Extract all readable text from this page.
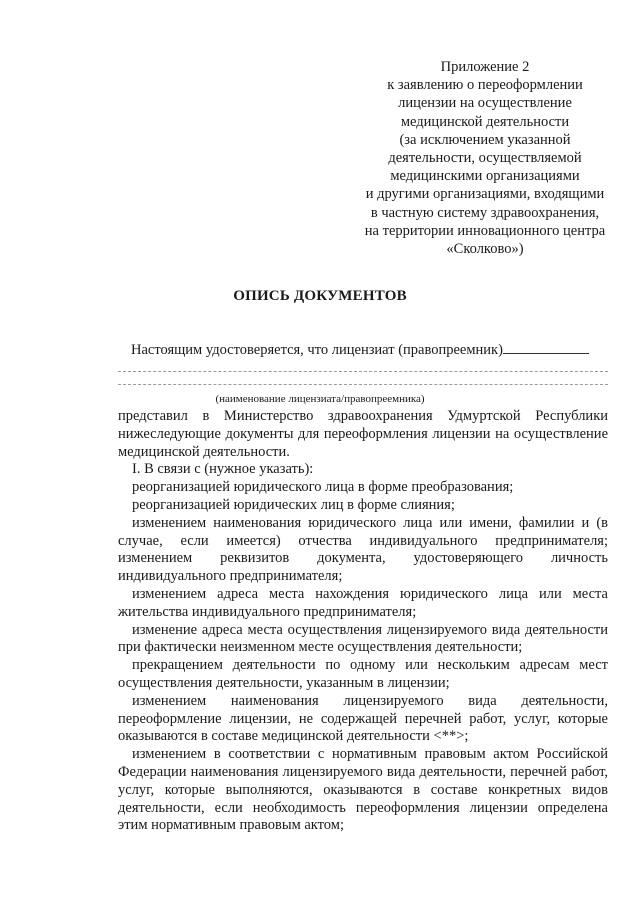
Приложение 2
к заявлению о переоформлении
лицензии на осуществление
медицинской деятельности
(за исключением указанной
деятельности, осуществляемой
медицинскими организациями
и другими организациями, входящими
в частную систему здравоохранения,
на территории инновационного центра
«Сколково»)
ОПИСЬ ДОКУМЕНТОВ
Настоящим удостоверяется, что лицензиат (правопреемник)
(наименование лицензиата/правопреемника)

представил в Министерство здравоохранения Удмуртской Республики нижеследующие документы для переоформления лицензии на осуществление медицинской деятельности.

I. В связи с (нужное указать):

реорганизацией юридического лица в форме преобразования;

реорганизацией юридических лиц в форме слияния;

изменением наименования юридического лица или имени, фамилии и (в случае, если имеется) отчества индивидуального предпринимателя; изменением реквизитов документа, удостоверяющего личность индивидуального предпринимателя;

изменением адреса места нахождения юридического лица или места жительства индивидуального предпринимателя;

изменение адреса места осуществления лицензируемого вида деятельности при фактически неизменном месте осуществления деятельности;

прекращением деятельности по одному или нескольким адресам мест осуществления деятельности, указанным в лицензии;

изменением наименования лицензируемого вида деятельности, переоформление лицензии, не содержащей перечней работ, услуг, которые оказываются в составе медицинской деятельности <**>;

изменением в соответствии с нормативным правовым актом Российской Федерации наименования лицензируемого вида деятельности, перечней работ, услуг, которые выполняются, оказываются в составе конкретных видов деятельности, если необходимость переоформления лицензии определена этим нормативным правовым актом;
